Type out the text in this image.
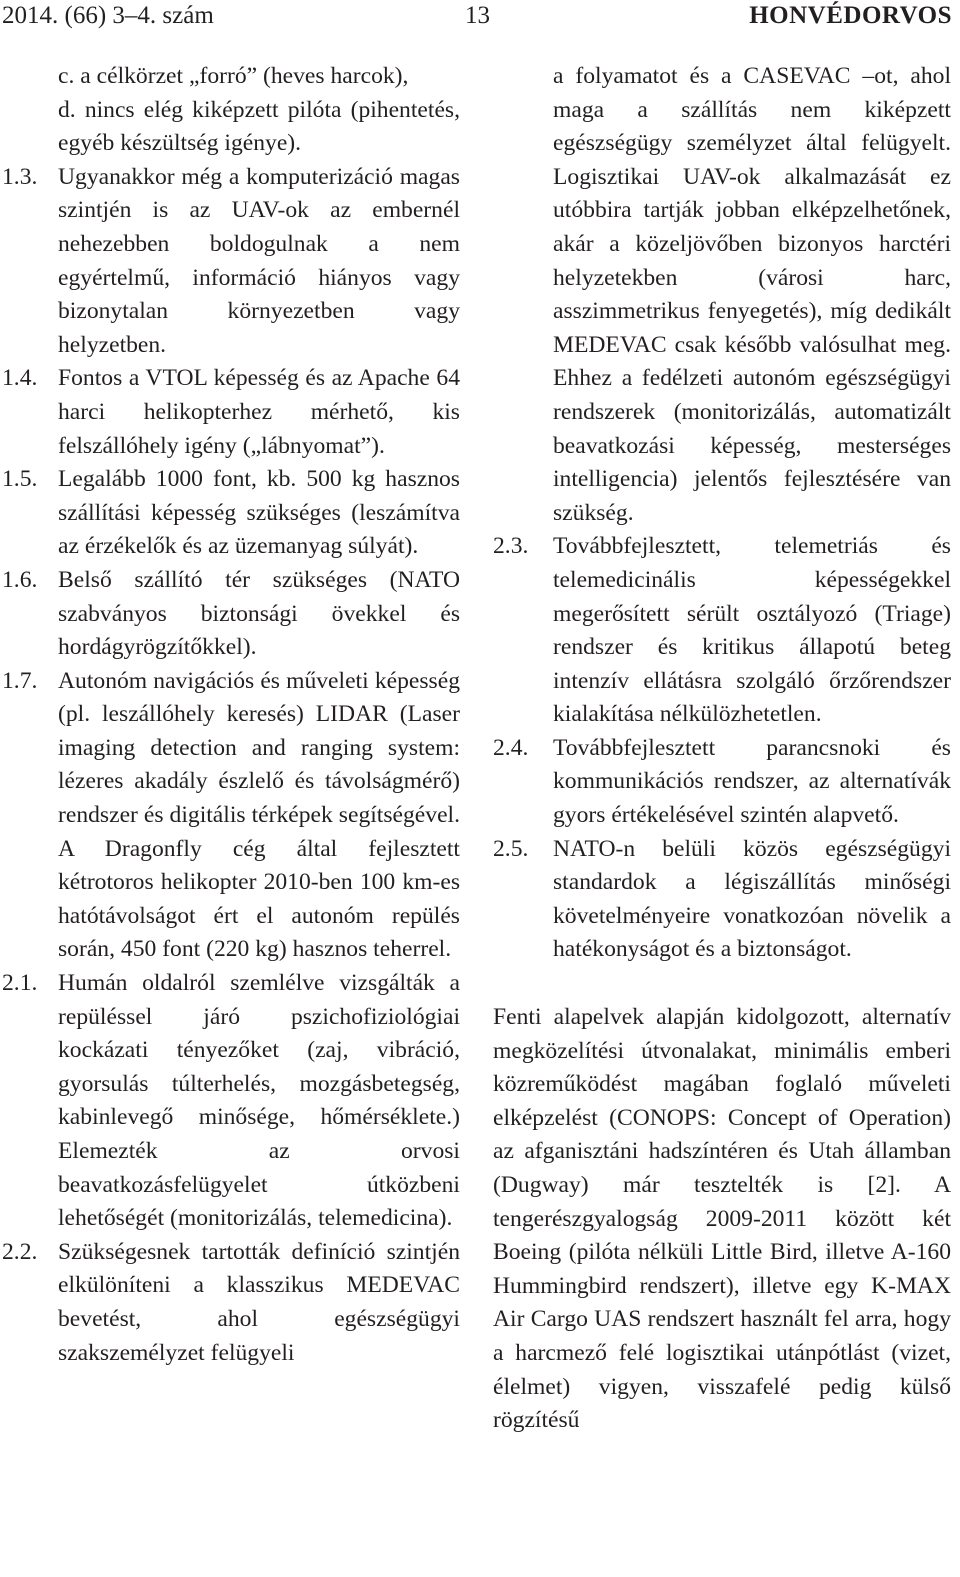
2014. (66) 3–4. szám	13	HONVÉDORVOS
c. a célkörzet „forró” (heves harcok),
d. nincs elég kiképzett pilóta (pihentetés, egyéb készültség igénye).
1.3. Ugyanakkor még a komputerizáció magas szintjén is az UAV-ok az embernél nehezebben boldogulnak a nem egyértelmű, információ hiányos vagy bizonytalan környezetben vagy helyzetben.
1.4. Fontos a VTOL képesség és az Apache 64 harci helikopterhez mérhető, kis felszállóhely igény („lábnyomat”).
1.5. Legalább 1000 font, kb. 500 kg hasznos szállítási képesség szükséges (leszámítva az érzékelők és az üzemanyag súlyát).
1.6. Belső szállító tér szükséges (NATO szabványos biztonsági övekkel és hordágyrögzítőkkel).
1.7. Autonóm navigációs és műveleti képesség (pl. leszállóhely keresés) LIDAR (Laser imaging detection and ranging system: lézeres akadály észlelő és távolságmérő) rendszer és digitális térképek segítségével. A Dragonfly cég által fejlesztett kétrotoros helikopter 2010-ben 100 km-es hatótávolságot ért el autonóm repülés során, 450 font (220 kg) hasznos teherrel.
2.1. Humán oldalról szemlélve vizsgálták a repüléssel járó pszichofiziológiai kockázati tényezőket (zaj, vibráció, gyorsulás túlterhelés, mozgásbetegség, kabinlevegő minősége, hőmérséklete.) Elemezték az orvosi beavatkozásfelügyelet útközbeni lehetőségét (monitorizálás, telemedicina).
2.2. Szükségesnek tartották definíció szintjén elkülöníteni a klasszikus MEDEVAC bevetést, ahol egészségügyi szakszemélyzet felügyeli
a folyamatot és a CASEVAC –ot, ahol maga a szállítás nem kiképzett egészségügy személyzet által felügyelt. Logisztikai UAV-ok alkalmazását ez utóbbira tartják jobban elképzelhetőnek, akár a közeljövőben bizonyos harctéri helyzetekben (városi harc, asszimmetrikus fenyegetés), míg dedikált MEDEVAC csak később valósulhat meg. Ehhez a fedélzeti autonóm egészségügyi rendszerek (monitorizálás, automatizált beavatkozási képesség, mesterséges intelligencia) jelentős fejlesztésére van szükség.
2.3. Továbbfejlesztett, telemetriás és telemedicinális képességekkel megerősített sérült osztályozó (Triage) rendszer és kritikus állapotú beteg intenzív ellátásra szolgáló őrzőrendszer kialakítása nélkülözhetetlen.
2.4. Továbbfejlesztett parancsnoki és kommunikációs rendszer, az alternatívák gyors értékelésével szintén alapvető.
2.5. NATO-n belüli közös egészségügyi standardok a légiszállítás minőségi követelményeire vonatkozóan növelik a hatékonyságot és a biztonságot.

Fenti alapelvek alapján kidolgozott, alternatív megközelítési útvonalakat, minimális emberi közreműködést magában foglaló műveleti elképzelést (CONOPS: Concept of Operation) az afganisztáni hadszíntéren és Utah államban (Dugway) már tesztelték is [2]. A tengerészgyalogság 2009-2011 között két Boeing (pilóta nélküli Little Bird, illetve A-160 Hummingbird rendszert), illetve egy K-MAX Air Cargo UAS rendszert használt fel arra, hogy a harcmező felé logisztikai utánpótlást (vizet, élelmet) vigyen, visszafelé pedig külső rögzítésű
